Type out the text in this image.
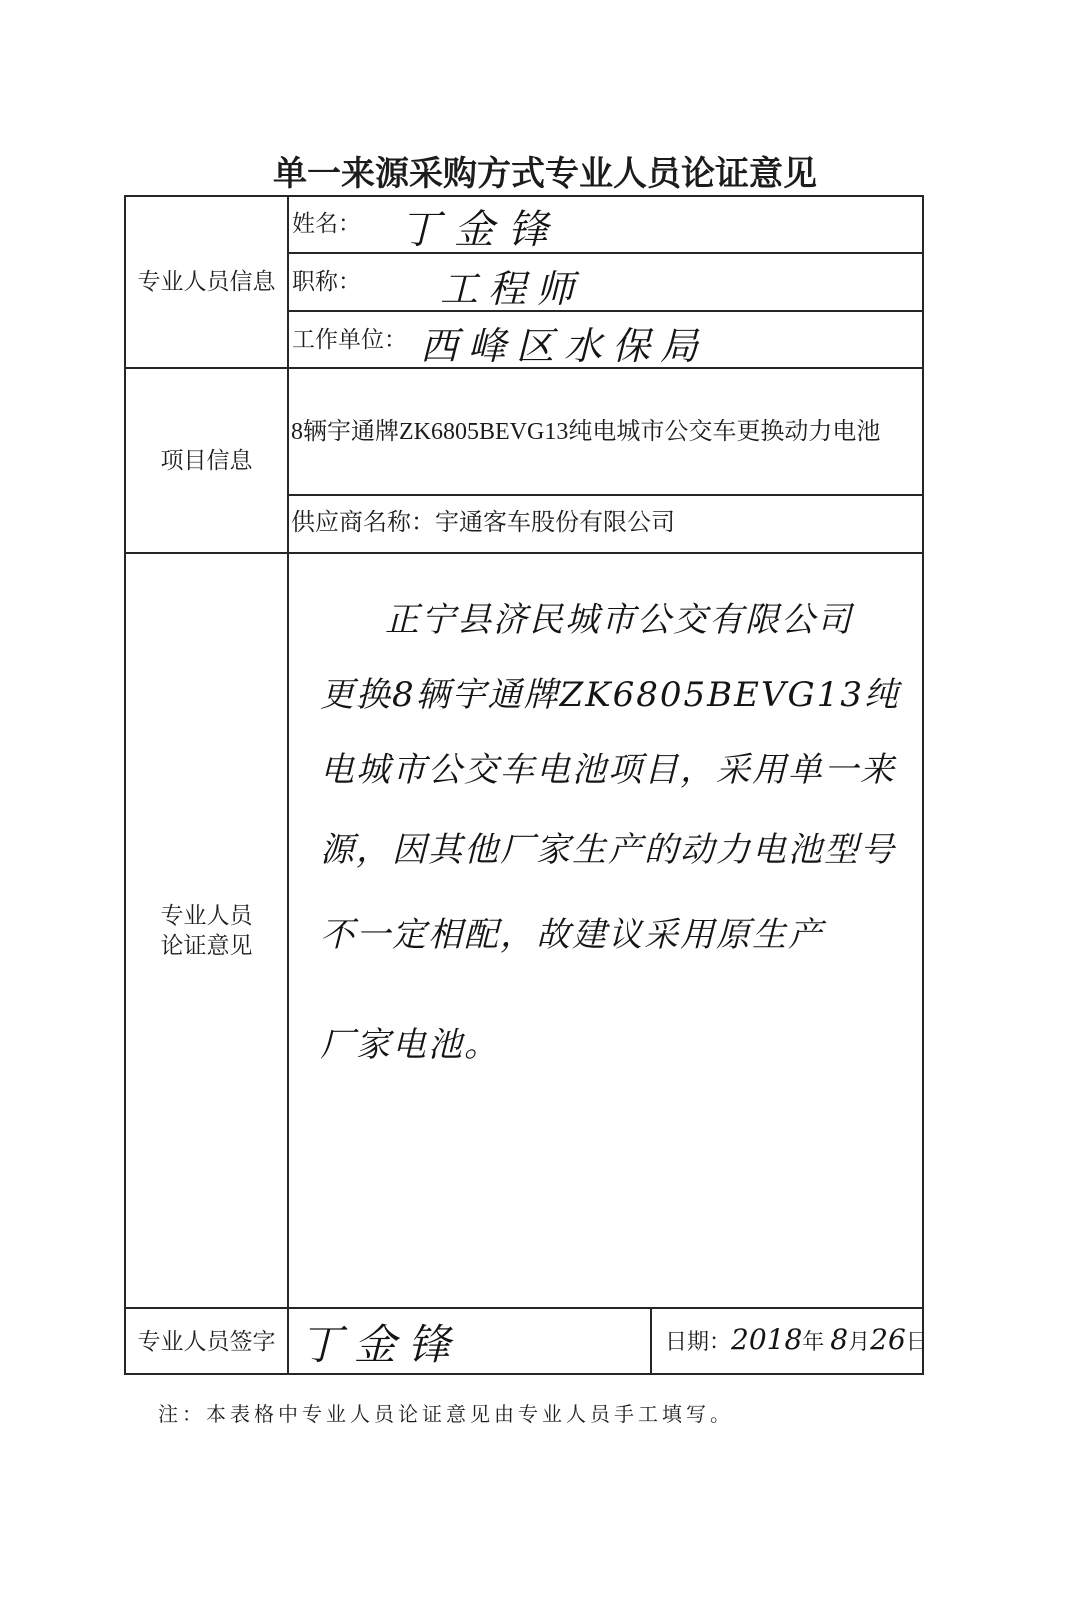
单一来源采购方式专业人员论证意见
专业人员信息
姓名： 丁金锋
职称： 工程师
工作单位： 西峰区水保局
项目信息
8辆宇通牌ZK6805BEVG13纯电城市公交车更换动力电池
供应商名称：宇通客车股份有限公司
专业人员
论证意见
正宁县济民城市公交有限公司
更换8辆宇通牌ZK6805BEVG13纯
电城市公交车电池项目，采用单一来
源，因其他厂家生产的动力电池型号
不一定相配，故建议采用原生产
厂家电池。
专业人员签字 丁金锋	日期： 2018 年 8 月 26 日
注：本表格中专业人员论证意见由专业人员手工填写。
